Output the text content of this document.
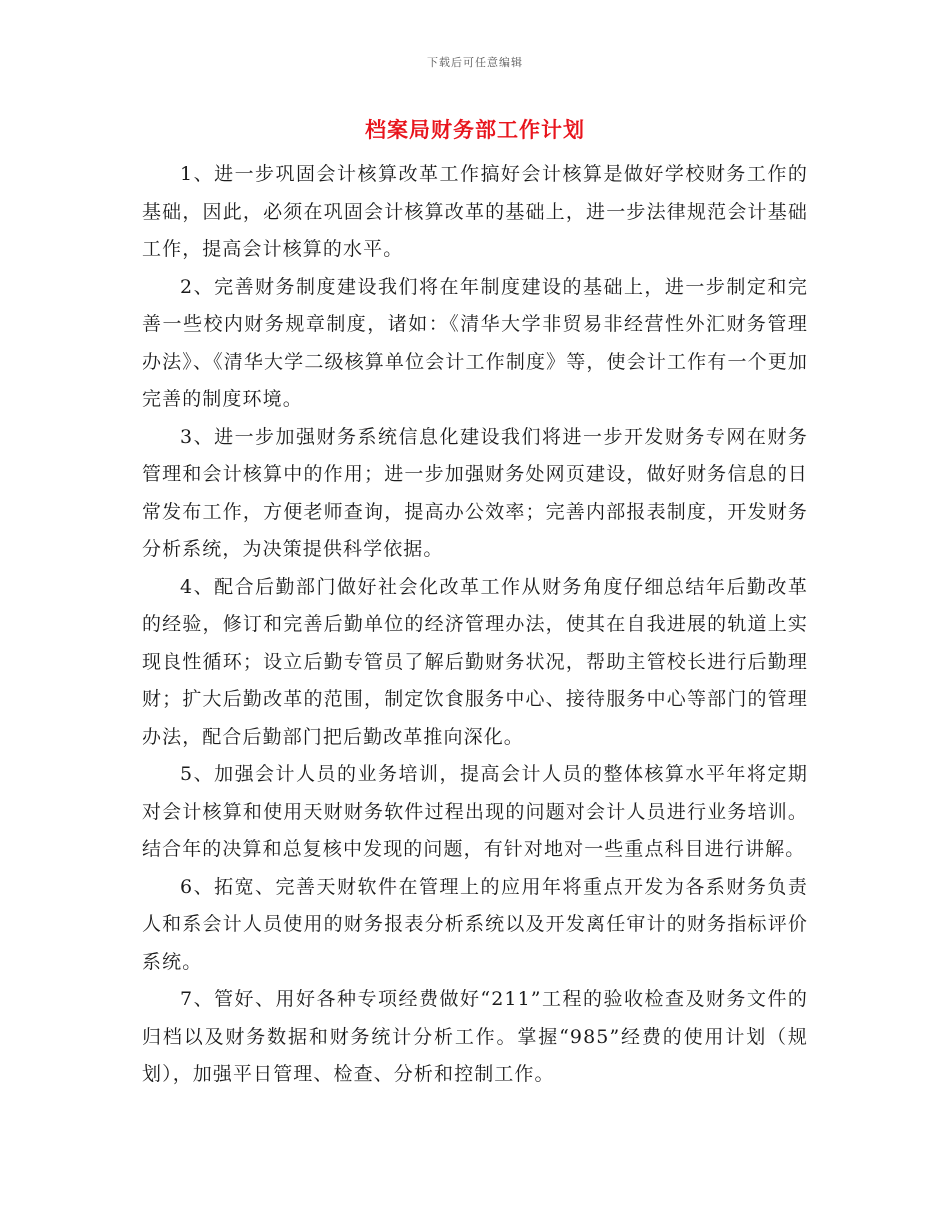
下载后可任意编辑
档案局财务部工作计划

1、进一步巩固会计核算改革工作搞好会计核算是做好学校财务工作的基础，因此，必须在巩固会计核算改革的基础上，进一步法律规范会计基础工作，提高会计核算的水平。

2、完善财务制度建设我们将在年制度建设的基础上，进一步制定和完善一些校内财务规章制度，诸如：《清华大学非贸易非经营性外汇财务管理办法》、《清华大学二级核算单位会计工作制度》等，使会计工作有一个更加完善的制度环境。

3、进一步加强财务系统信息化建设我们将进一步开发财务专网在财务管理和会计核算中的作用；进一步加强财务处网页建设，做好财务信息的日常发布工作，方便老师查询，提高办公效率；完善内部报表制度，开发财务分析系统，为决策提供科学依据。

4、配合后勤部门做好社会化改革工作从财务角度仔细总结年后勤改革的经验，修订和完善后勤单位的经济管理办法，使其在自我进展的轨道上实现良性循环；设立后勤专管员了解后勤财务状况，帮助主管校长进行后勤理财；扩大后勤改革的范围，制定饮食服务中心、接待服务中心等部门的管理办法，配合后勤部门把后勤改革推向深化。

5、加强会计人员的业务培训，提高会计人员的整体核算水平年将定期对会计核算和使用天财财务软件过程出现的问题对会计人员进行业务培训。结合年的决算和总复核中发现的问题，有针对地对一些重点科目进行讲解。

6、拓宽、完善天财软件在管理上的应用年将重点开发为各系财务负责人和系会计人员使用的财务报表分析系统以及开发离任审计的财务指标评价系统。

7、管好、用好各种专项经费做好“211”工程的验收检查及财务文件的归档以及财务数据和财务统计分析工作。掌握“985”经费的使用计划（规划），加强平日管理、检查、分析和控制工作。
